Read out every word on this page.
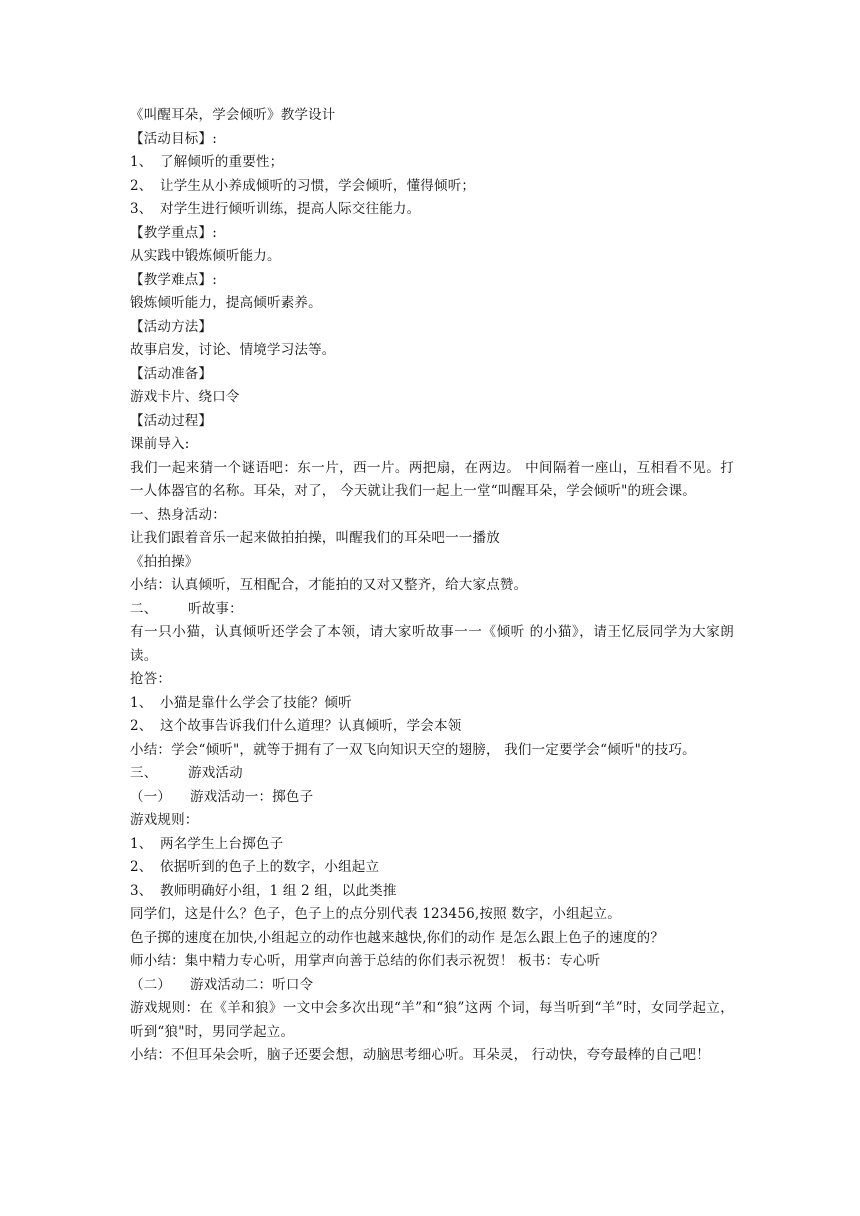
《叫醒耳朵，学会倾听》教学设计
【活动目标】:
1、 了解倾听的重要性；
2、 让学生从小养成倾听的习惯，学会倾听，懂得倾听；
3、 对学生进行倾听训练，提高人际交往能力。
【教学重点】:
从实践中锻炼倾听能力。
【教学难点】:
锻炼倾听能力，提高倾听素养。
【活动方法】
故事启发，讨论、情境学习法等。
【活动准备】
游戏卡片、绕口令
【活动过程】
课前导入:
我们一起来猜一个谜语吧：东一片，西一片。两把扇，在两边。 中间隔着一座山，互相看不见。打一人体器官的名称。耳朵，对了， 今天就让我们一起上一堂“叫醒耳朵，学会倾听"的班会课。
一、热身活动：
让我们跟着音乐一起来做拍拍操，叫醒我们的耳朵吧一一播放
《拍拍操》
小结：认真倾听，互相配合，才能拍的又对又整齐，给大家点赞。
二、 听故事：
有一只小猫，认真倾听还学会了本领，请大家听故事一一《倾听 的小猫》，请王忆辰同学为大家朗读。
抢答：
1、 小猫是靠什么学会了技能？倾听
2、 这个故事告诉我们什么道理？认真倾听，学会本领
小结：学会“倾听"，就等于拥有了一双飞向知识天空的翅膀， 我们一定要学会“倾听"的技巧。
三、 游戏活动
（一） 游戏活动一：掷色子
游戏规则：
1、 两名学生上台掷色子
2、 依据听到的色子上的数字，小组起立
3、 教师明确好小组，1 组 2 组，以此类推
同学们，这是什么？色子，色子上的点分别代表 123456,按照 数字，小组起立。
色子掷的速度在加快,小组起立的动作也越来越快,你们的动作 是怎么跟上色子的速度的？
师小结：集中精力专心听，用掌声向善于总结的你们表示祝贺！ 板书：专心听
（二） 游戏活动二：听口令
游戏规则：在《羊和狼》一文中会多次出现“羊”和“狼”这两 个词，每当听到“羊”时，女同学起立，听到“狼"时，男同学起立。
小结：不但耳朵会听，脑子还要会想，动脑思考细心听。耳朵灵， 行动快，夸夸最棒的自己吧！
